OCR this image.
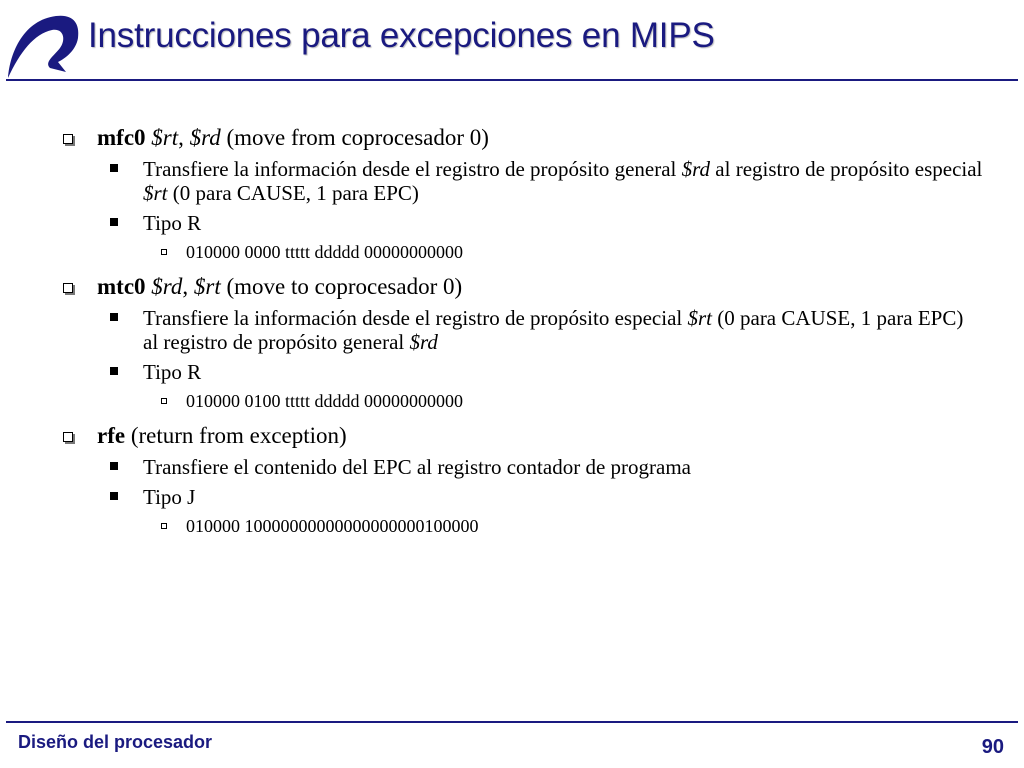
Instrucciones para excepciones en MIPS
mfc0 $rt, $rd (move from coprocesador 0)
Transfiere la información desde el registro de propósito general $rd al registro de propósito especial $rt (0 para CAUSE, 1 para EPC)
Tipo R
010000 0000 ttttt ddddd 00000000000
mtc0 $rd, $rt (move to coprocesador 0)
Transfiere la información desde el registro de propósito especial $rt (0 para CAUSE, 1 para EPC) al registro de propósito general $rd
Tipo R
010000 0100 ttttt ddddd 00000000000
rfe (return from exception)
Transfiere el contenido del EPC al registro contador de programa
Tipo J
010000 10000000000000000000100000
Diseño del procesador	90
